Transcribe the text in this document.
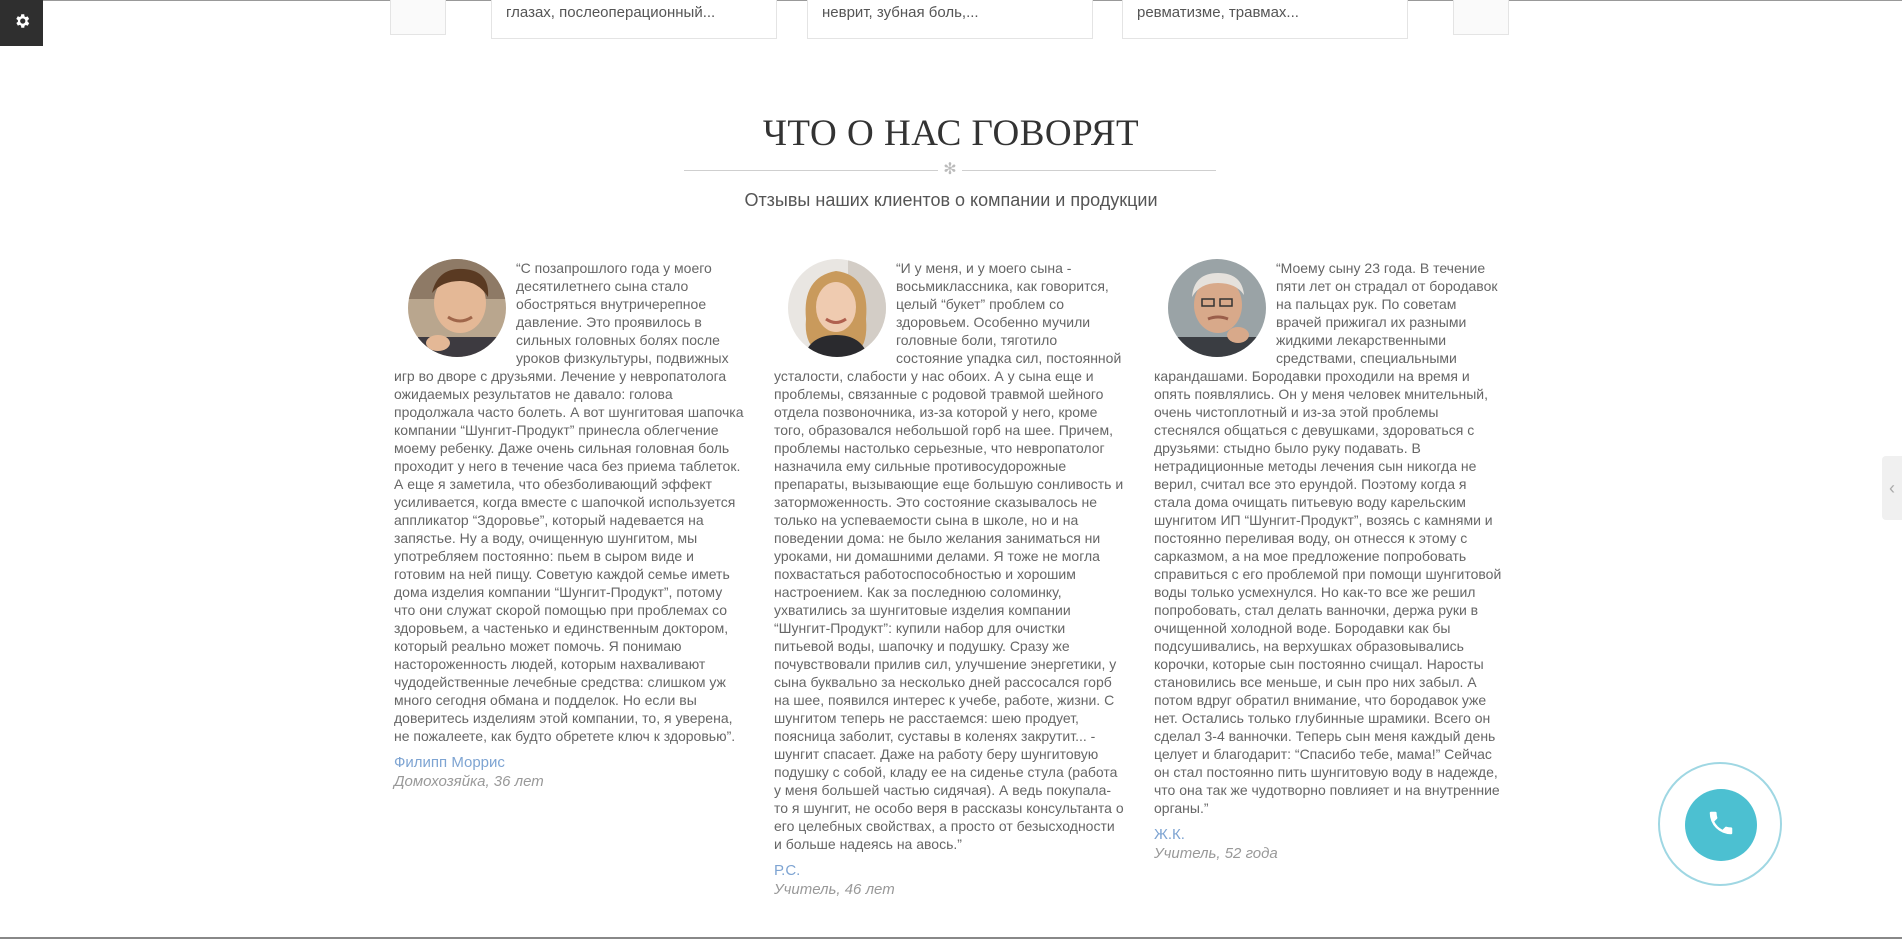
глазах, послеоперационный...	неврит, зубная боль,...	ревматизме, травмах...
ЧТО О НАС ГОВОРЯТ
✻
Отзывы наших клиентов о компании и продукции

“С позапрошлого года у моего десятилетнего сына стало обостряться внутричерепное давление. Это проявилось в сильных головных болях после уроков физкультуры, подвижных игр во дворе с друзьями. Лечение у невропатолога ожидаемых результатов не давало: голова продолжала часто болеть. А вот шунгитовая шапочка компании “Шунгит-Продукт” принесла облегчение моему ребенку. Даже очень сильная головная боль проходит у него в течение часа без приема таблеток. А еще я заметила, что обезболивающий эффект усиливается, когда вместе с шапочкой используется аппликатор “Здоровье”, который надевается на запястье. Ну а воду, очищенную шунгитом, мы употребляем постоянно: пьем в сыром виде и готовим на ней пищу. Советую каждой семье иметь дома изделия компании “Шунгит-Продукт”, потому что они служат скорой помощью при проблемах со здоровьем, а частенько и единственным доктором, который реально может помочь. Я понимаю настороженность людей, которым нахваливают чудодейственные лечебные средства: слишком уж много сегодня обмана и подделок. Но если вы доверитесь изделиям этой компании, то, я уверена, не пожалеете, как будто обретете ключ к здоровью”.

Филипп Моррис
Домохозяйка, 36 лет

“И у меня, и у моего сына - восьмиклассника, как говорится, целый “букет” проблем со здоровьем. Особенно мучили головные боли, тяготило состояние упадка сил, постоянной усталости, слабости у нас обоих. А у сына еще и проблемы, связанные с родовой травмой шейного отдела позвоночника, из-за которой у него, кроме того, образовался небольшой горб на шее. Причем, проблемы настолько серьезные, что невропатолог назначила ему сильные противосудорожные препараты, вызывающие еще большую сонливость и заторможенность. Это состояние сказывалось не только на успеваемости сына в школе, но и на поведении дома: не было желания заниматься ни уроками, ни домашними делами. Я тоже не могла похвастаться работоспособностью и хорошим настроением. Как за последнюю соломинку, ухватились за шунгитовые изделия компании “Шунгит-Продукт”: купили набор для очистки питьевой воды, шапочку и подушку. Сразу же почувствовали прилив сил, улучшение энергетики, у сына буквально за несколько дней рассосался горб на шее, появился интерес к учебе, работе, жизни. С шунгитом теперь не расстаемся: шею продует, поясница заболит, суставы в коленях закрутит... - шунгит спасает. Даже на работу беру шунгитовую подушку с собой, кладу ее на сиденье стула (работа у меня большей частью сидячая). А ведь покупала-то я шунгит, не особо веря в рассказы консультанта о его целебных свойствах, а просто от безысходности и больше надеясь на авось.”

Р.С.
Учитель, 46 лет

“Моему сыну 23 года. В течение пяти лет он страдал от бородавок на пальцах рук. По советам врачей прижигал их разными жидкими лекарственными средствами, специальными карандашами. Бородавки проходили на время и опять появлялись. Он у меня человек мнительный, очень чистоплотный и из-за этой проблемы стеснялся общаться с девушками, здороваться с друзьями: стыдно было руку подавать. В нетрадиционные методы лечения сын никогда не верил, считал все это ерундой. Поэтому когда я стала дома очищать питьевую воду карельским шунгитом ИП “Шунгит-Продукт”, возясь с камнями и постоянно переливая воду, он отнесся к этому с сарказмом, а на мое предложение попробовать справиться с его проблемой при помощи шунгитовой воды только усмехнулся. Но как-то все же решил попробовать, стал делать ванночки, держа руки в очищенной холодной воде. Бородавки как бы подсушивались, на верхушках образовывались корочки, которые сын постоянно счищал. Наросты становились все меньше, и сын про них забыл. А потом вдруг обратил внимание, что бородавок уже нет. Остались только глубинные шрамики. Всего он сделал 3-4 ванночки. Теперь сын меня каждый день целует и благодарит: “Спасибо тебе, мама!” Сейчас он стал постоянно пить шунгитовую воду в надежде, что она так же чудотворно повлияет и на внутренние органы.”

Ж.К.
Учитель, 52 года
‹
